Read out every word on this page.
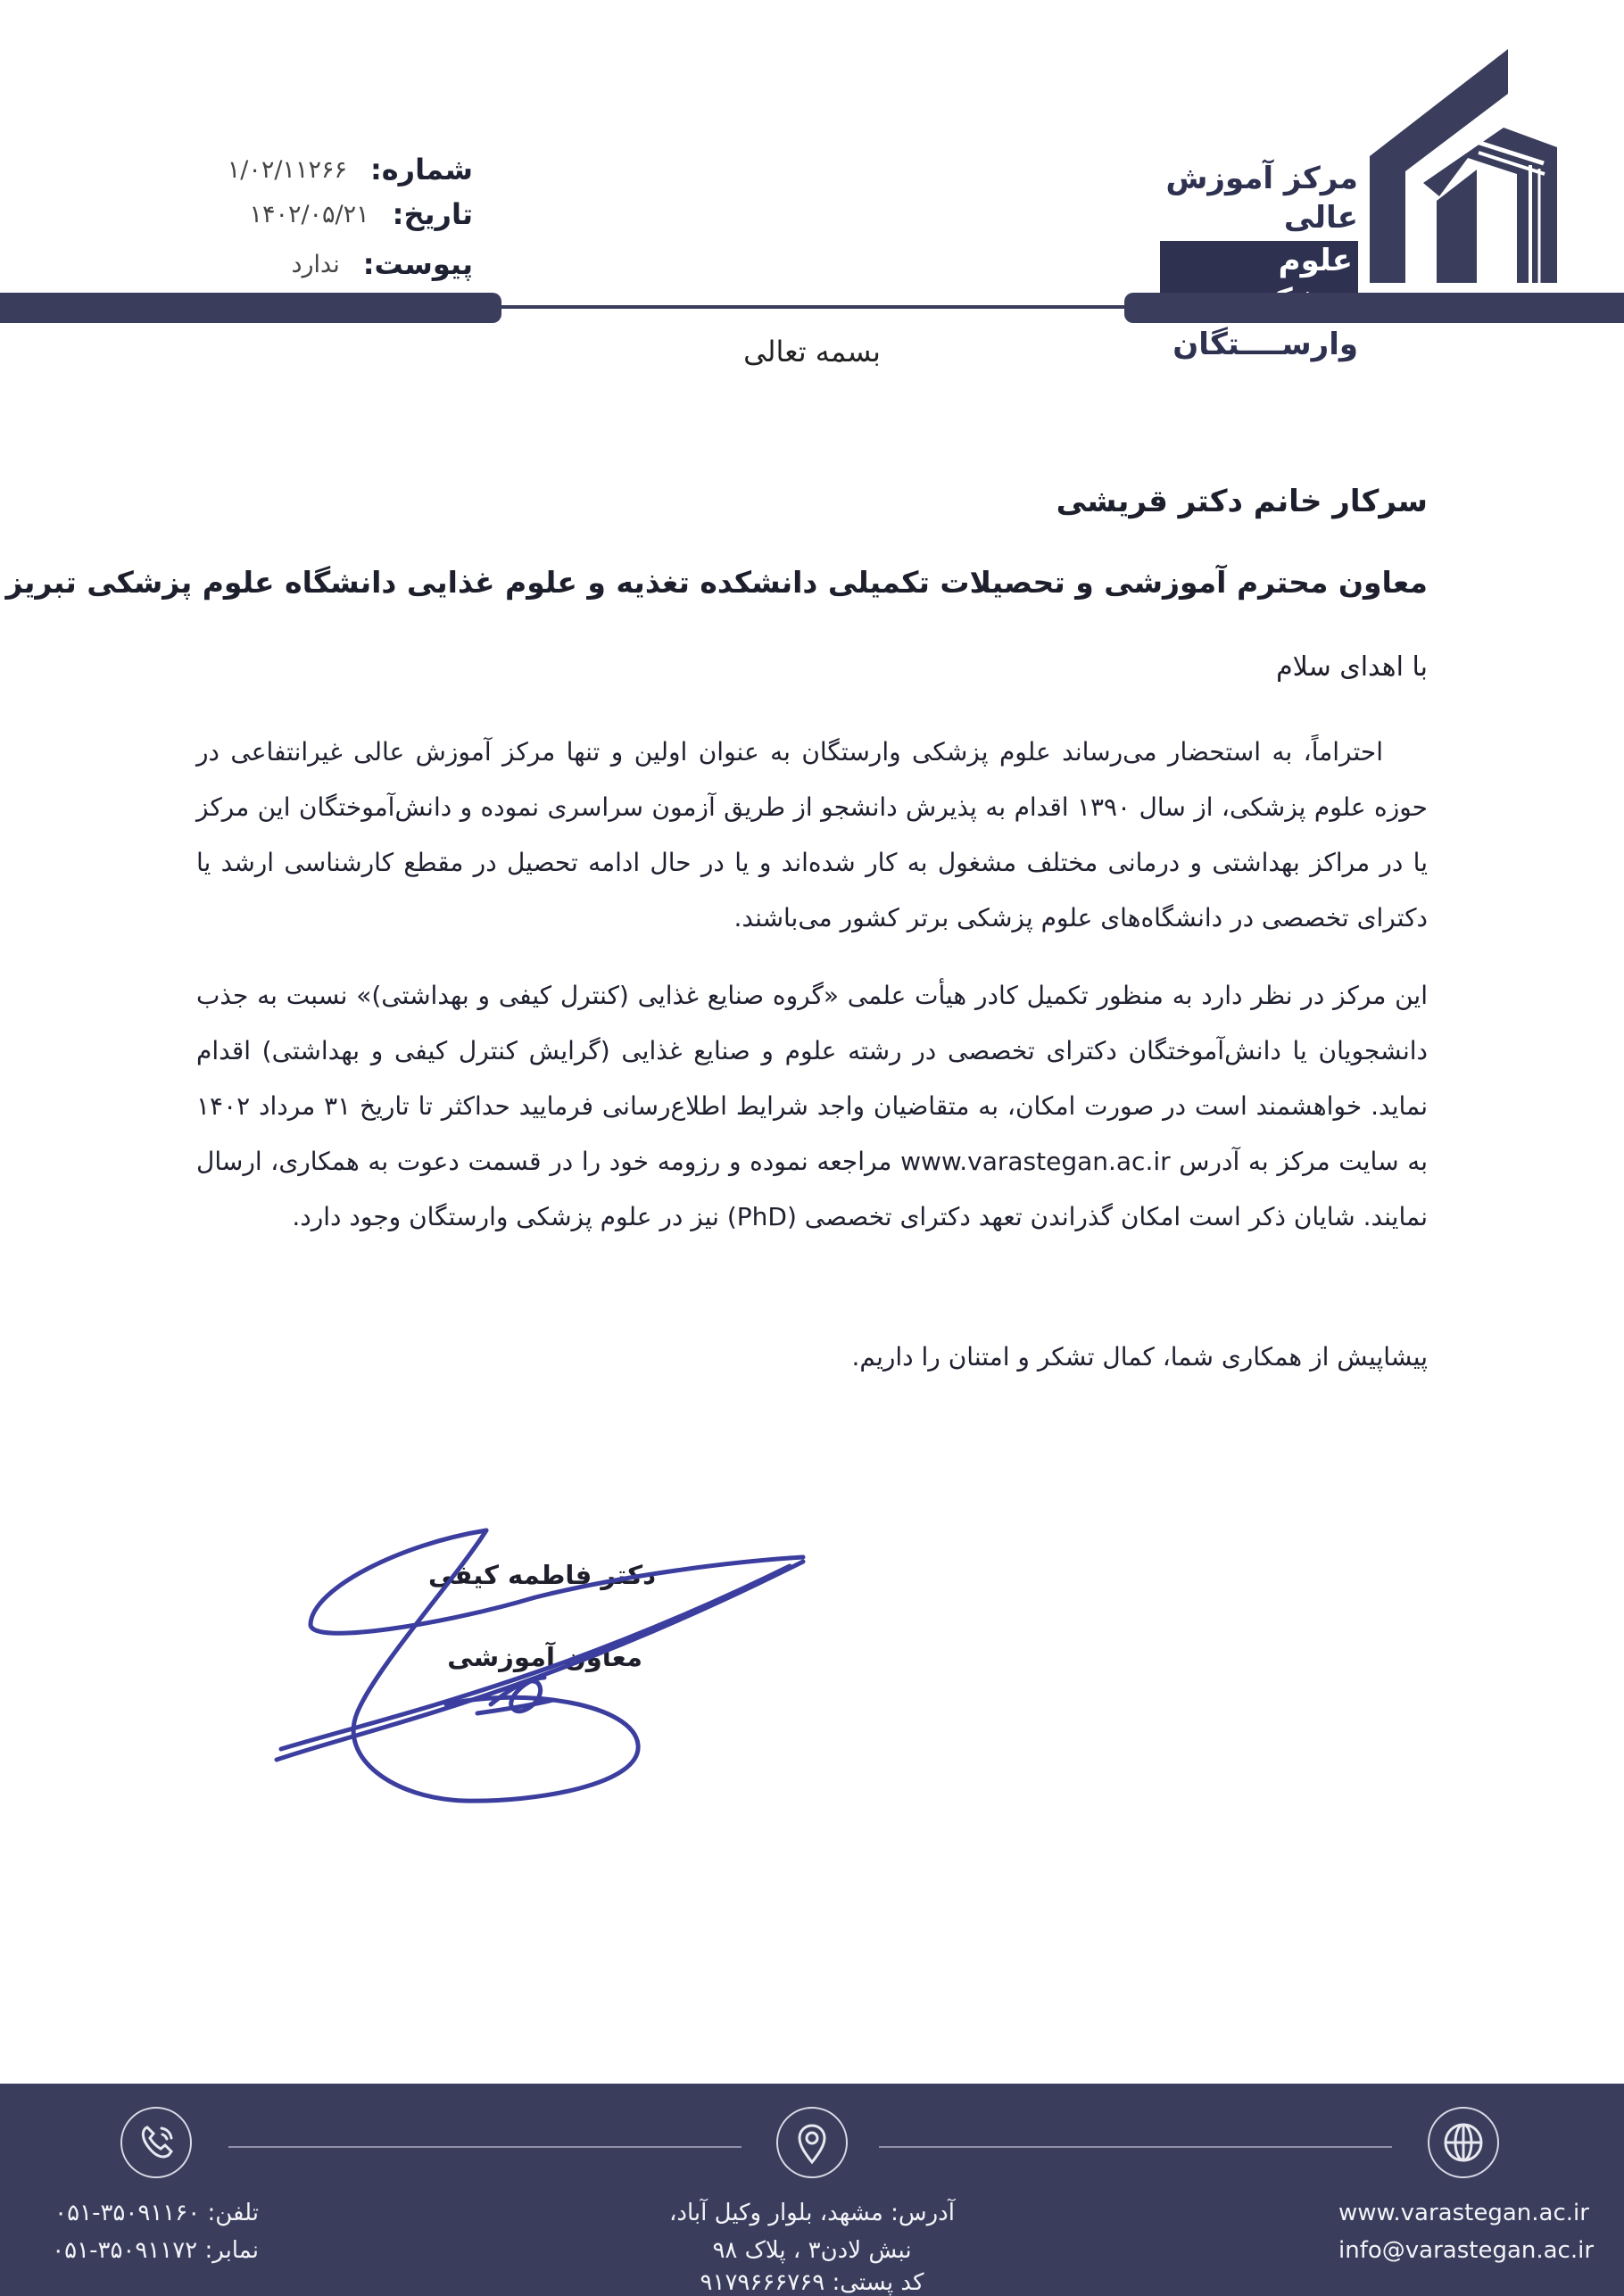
مرکز آموزش عالی
علوم
وارســــتگان
شماره:
۱/۰۲/۱۱۲۶۶
تاریخ:
۱۴۰۲/۰۵/۲۱
پیوست:
ندارد
بسمه تعالی
سرکار خانم دکتر قریشی
معاون محترم آموزشی و تحصیلات تکمیلی دانشکده تغذیه و علوم غذایی دانشگاه علوم پزشکی تبریز
با اهدای سلام
احتراماً، به استحضار می‌رساند علوم پزشکی وارستگان به عنوان اولین و تنها مرکز آموزش عالی غیرانتفاعی در حوزه علوم پزشکی، از سال ۱۳۹۰ اقدام به پذیرش دانشجو از طریق آزمون سراسری نموده و دانش‌آموختگان این مرکز یا در مراکز بهداشتی و درمانی مختلف مشغول به کار شده‌اند و یا در حال ادامه تحصیل در مقطع کارشناسی ارشد یا دکترای تخصصی در دانشگاه‌های علوم پزشکی برتر کشور می‌باشند.
این مرکز در نظر دارد به منظور تکمیل کادر هیأت علمی «گروه صنایع غذایی (کنترل کیفی و بهداشتی)» نسبت به جذب دانشجویان یا دانش‌آموختگان دکترای تخصصی در رشته علوم و صنایع غذایی (گرایش کنترل کیفی و بهداشتی) اقدام نماید. خواهشمند است در صورت امکان، به متقاضیان واجد شرایط اطلاع‌رسانی فرمایید حداکثر تا تاریخ ۳۱ مرداد ۱۴۰۲ به سایت مرکز به آدرس www.varastegan.ac.ir مراجعه نموده و رزومه خود را در قسمت دعوت به همکاری، ارسال نمایند. شایان ذکر است امکان گذراندن تعهد دکترای تخصصی (PhD) نیز در علوم پزشکی وارستگان وجود دارد.
پیشاپیش از همکاری شما، کمال تشکر و امتنان را داریم.
دکتر فاطمه کیفی
معاون آموزشی
تلفن: ۳۵۰۹۱۱۶۰-۰۵۱
نمابر: ۳۵۰۹۱۱۷۲-۰۵۱
آدرس: مشهد، بلوار وکیل آباد،
نبش لادن۳ ، پلاک ۹۸
کد پستی: ۹۱۷۹۶۶۶۷۶۹
www.varastegan.ac.ir
info@varastegan.ac.ir
